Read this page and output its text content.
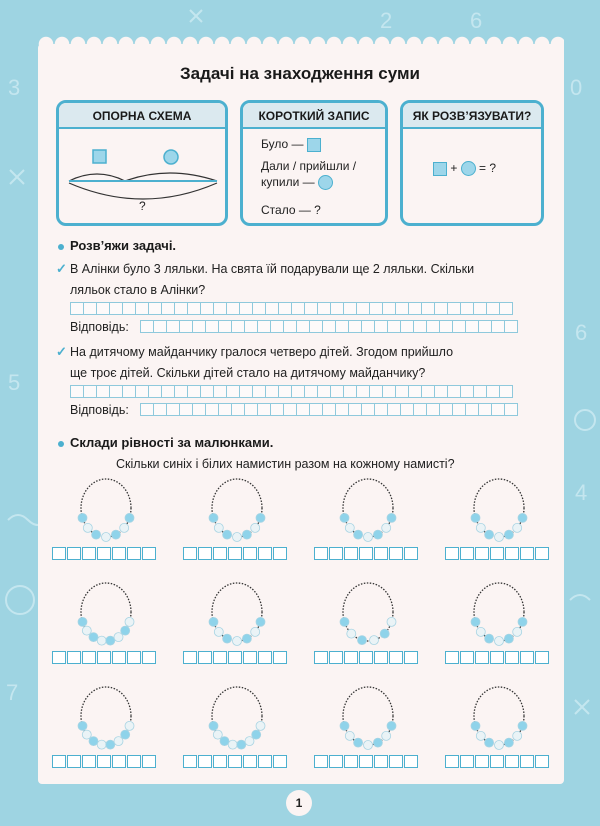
3	0
6
5
4
7
2	6
Задачі на знаходження суми
ОПОРНА СХЕМА
?
КОРОТКИЙ ЗАПИС
Було —
Дали / прийшли /
купили —
Стало — ?
ЯК РОЗВ’ЯЗУВАТИ?
+ = ?
Розв’яжи задачі.
✓ В Алінки було 3 ляльки. На свята їй подарували ще 2 ляльки. Скільки
ляльок стало в Алінки?
Відповідь:
✓ На дитячому майданчику гралося четверо дітей. Згодом прийшло
ще троє дітей. Скільки дітей стало на дитячому майданчику?
Відповідь:
Склади рівності за малюнками.
Скільки синіх і білих намистин разом на кожному намисті?
1
